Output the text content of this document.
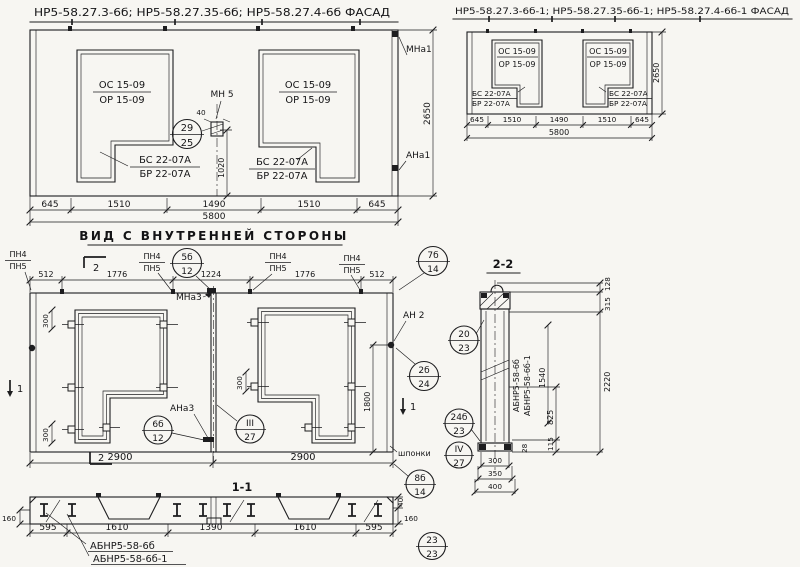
НР5-58.27.3-6б; НР5-58.27.35-6б; НР5-58.27.4-6б ФАСАД
ОС 15-09
ОР 15-09
БС 22-07А
БР 22-07А
ОС 15-09
ОР 15-09
БС 22-07А
БР 22-07А
МН 5
40
29
25
1020
МНа1
АНа1
2650
645	1510	1490	1510	645
5800
ВИД С ВНУТРЕННЕЙ СТОРОНЫ
НР5-58.27.3-6б-1; НР5-58.27.35-6б-1; НР5-58.27.4-6б-1 ФАСАД
ОС 15-09
ОР 15-09
БС 22-07А
БР 22-07А
ОС 15-09
ОР 15-09
БС 22-07А
БР 22-07А
645	1510	1490	1510	645
5800
2650
ПН4
ПН5
ПН4
ПН5
ПН4
ПН5
ПН4
ПН5
512	1776	1224	1776	512
2
5б
12
7б
14
МНа3
300
300
300
1800
АН 2
2б
24
1
1
АНа3
6б
12
III
27
2900	2900
2	шпонки	IV
27
24б
23
8б
14
1-1
160
40
160
595	1610	1390	1610	595
АБНР5-58-6б
АБНР5-58-6б-1
23
23
2-2
АБНР5-58-6б АБНР5-58-6б-1 1540
825
115
28
128
315
2220
300
350
400
20
23
